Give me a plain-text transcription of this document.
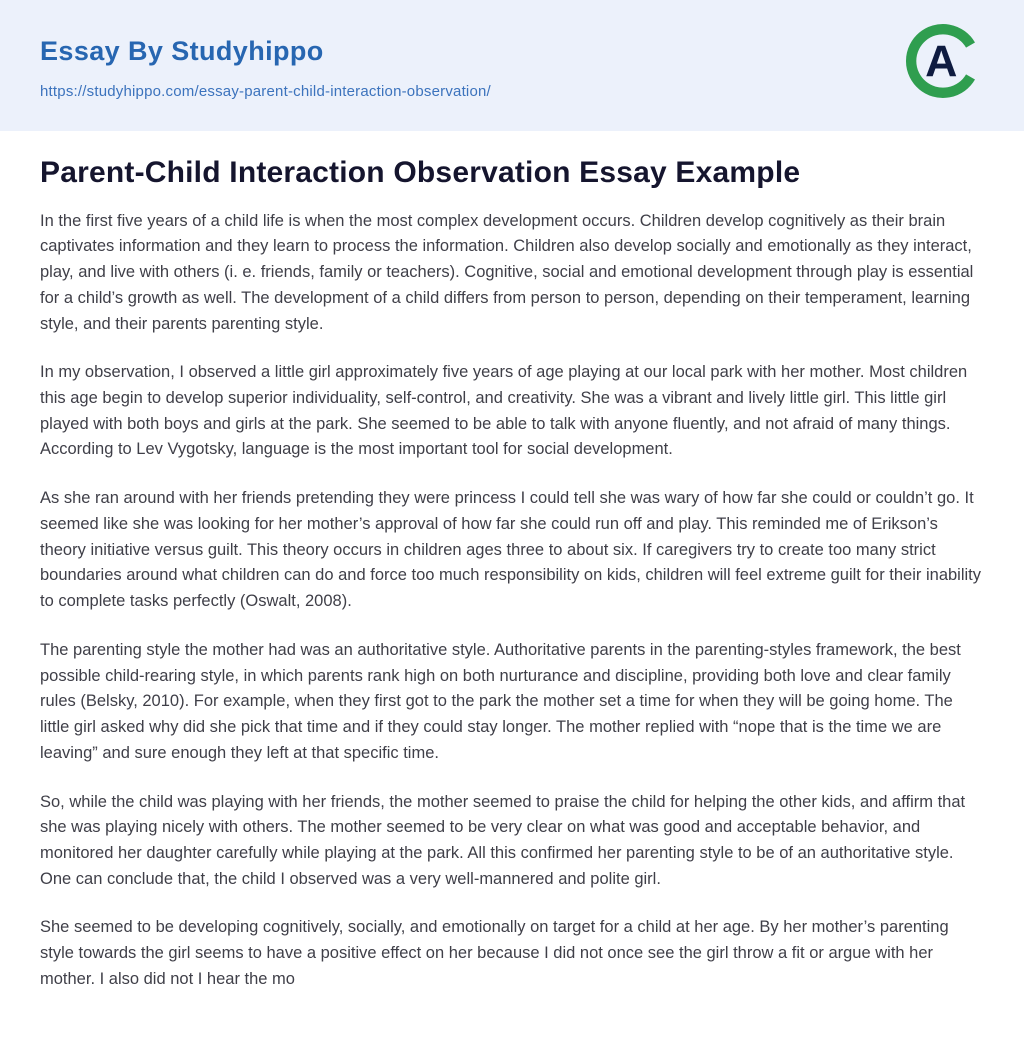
Essay By Studyhippo
https://studyhippo.com/essay-parent-child-interaction-observation/
A
Parent-Child Interaction Observation Essay Example

In the first five years of a child life is when the most complex development occurs. Children develop cognitively as their brain captivates information and they learn to process the information. Children also develop socially and emotionally as they interact, play, and live with others (i. e. friends, family or teachers). Cognitive, social and emotional development through play is essential for a child’s growth as well. The development of a child differs from person to person, depending on their temperament, learning style, and their parents parenting style.

In my observation, I observed a little girl approximately five years of age playing at our local park with her mother. Most children this age begin to develop superior individuality, self-control, and creativity. She was a vibrant and lively little girl. This little girl played with both boys and girls at the park. She seemed to be able to talk with anyone fluently, and not afraid of many things. According to Lev Vygotsky, language is the most important tool for social development.

As she ran around with her friends pretending they were princess I could tell she was wary of how far she could or couldn’t go. It seemed like she was looking for her mother’s approval of how far she could run off and play. This reminded me of Erikson’s theory initiative versus guilt. This theory occurs in children ages three to about six. If caregivers try to create too many strict boundaries around what children can do and force too much responsibility on kids, children will feel extreme guilt for their inability to complete tasks perfectly (Oswalt, 2008).

The parenting style the mother had was an authoritative style. Authoritative parents in the parenting-styles framework, the best possible child-rearing style, in which parents rank high on both nurturance and discipline, providing both love and clear family rules (Belsky, 2010). For example, when they first got to the park the mother set a time for when they will be going home. The little girl asked why did she pick that time and if they could stay longer. The mother replied with “nope that is the time we are leaving” and sure enough they left at that specific time.

So, while the child was playing with her friends, the mother seemed to praise the child for helping the other kids, and affirm that she was playing nicely with others. The mother seemed to be very clear on what was good and acceptable behavior, and monitored her daughter carefully while playing at the park. All this confirmed her parenting style to be of an authoritative style. One can conclude that, the child I observed was a very well-mannered and polite girl.

She seemed to be developing cognitively, socially, and emotionally on target for a child at her age. By her mother’s parenting style towards the girl seems to have a positive effect on her because I did not once see the girl throw a fit or argue with her mother. I also did not I hear the mo
